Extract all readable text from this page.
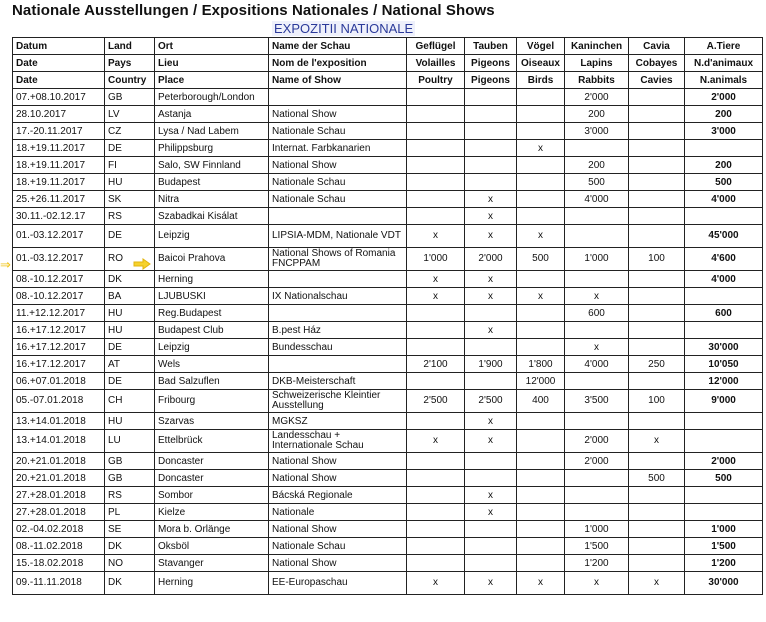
Nationale Ausstellungen / Expositions Nationales / National Shows
EXPOZITII NATIONALE
Datum	Land	Ort	Name der Schau	Geflügel	Tauben	Vögel	Kaninchen	Cavia	A.Tiere
Date	Pays	Lieu	Nom de l'exposition	Volailles	Pigeons	Oiseaux	Lapins	Cobayes	N.d'animaux
Date	Country	Place	Name of Show	Poultry	Pigeons	Birds	Rabbits	Cavies	N.animals
07.+08.10.2017	GB	Peterborough/London					2'000		2'000
28.10.2017	LV	Astanja	National Show				200		200
17.-20.11.2017	CZ	Lysa / Nad Labem	Nationale Schau				3'000		3'000
18.+19.11.2017	DE	Philippsburg	Internat. Farbkanarien			x			
18.+19.11.2017	FI	Salo, SW Finnland	National Show				200		200
18.+19.11.2017	HU	Budapest	Nationale Schau				500		500
25.+26.11.2017	SK	Nitra	Nationale Schau		x		4'000		4'000
30.11.-02.12.17	RS	Szabadkai Kisálat			x				
01.-03.12.2017	DE	Leipzig	LIPSIA-MDM, Nationale VDT	x	x	x			45'000
01.-03.12.2017	RO	Baicoi Prahova	National Shows of Romania FNCPPAM	1'000	2'000	500	1'000	100	4'600
08.-10.12.2017	DK	Herning		x	x				4'000
08.-10.12.2017	BA	LJUBUSKI	IX Nationalschau	x	x	x	x		
11.+12.12.2017	HU	Reg.Budapest					600		600
16.+17.12.2017	HU	Budapest Club	B.pest Ház		x				
16.+17.12.2017	DE	Leipzig	Bundesschau				x		30'000
16.+17.12.2017	AT	Wels		2'100	1'900	1'800	4'000	250	10'050
06.+07.01.2018	DE	Bad Salzuflen	DKB-Meisterschaft			12'000			12'000
05.-07.01.2018	CH	Fribourg	Schweizerische Kleintier Ausstellung	2'500	2'500	400	3'500	100	9'000
13.+14.01.2018	HU	Szarvas	MGKSZ		x				
13.+14.01.2018	LU	Ettelbrück	Landesschau + Internationale Schau	x	x		2'000	x	
20.+21.01.2018	GB	Doncaster	National Show				2'000		2'000
20.+21.01.2018	GB	Doncaster	National Show					500	500
27.+28.01.2018	RS	Sombor	Bácská Regionale		x				
27.+28.01.2018	PL	Kielze	Nationale		x				
02.-04.02.2018	SE	Mora b. Orlänge	National Show				1'000		1'000
08.-11.02.2018	DK	Oksböl	Nationale Schau				1'500		1'500
15.-18.02.2018	NO	Stavanger	National Show				1'200		1'200
09.-11.11.2018	DK	Herning	EE-Europaschau	x	x	x	x	x	30'000
⇒
